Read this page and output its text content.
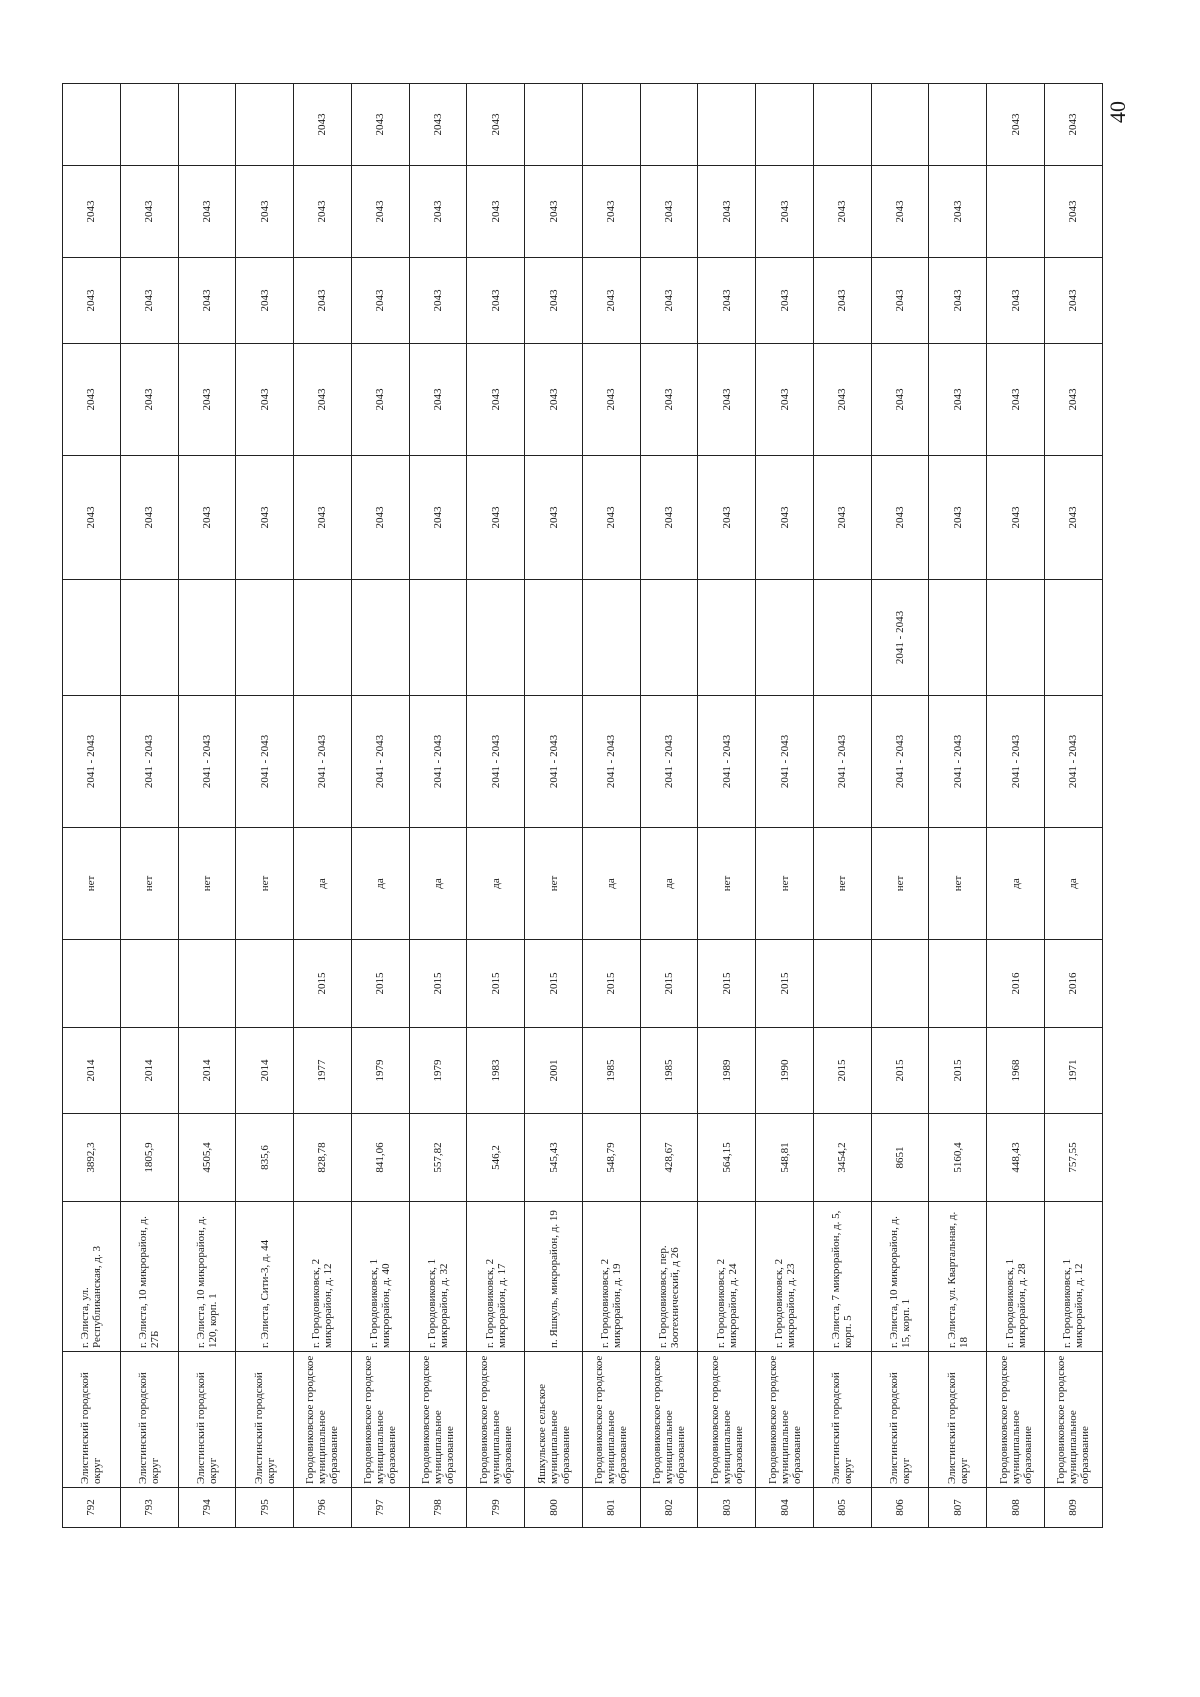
792	Элистинский городской округ	г. Элиста, ул. Республиканская, д. 3	3892,3	2014		нет	2041 - 2043		2043	2043	2043	2043	
793	Элистинский городской округ	г. Элиста, 10 микрорайон, д. 27Б	1805,9	2014		нет	2041 - 2043		2043	2043	2043	2043	
794	Элистинский городской округ	г. Элиста, 10 микрорайон, д. 120, корп. 1	4505,4	2014		нет	2041 - 2043		2043	2043	2043	2043	
795	Элистинский городской округ	г. Элиста, Сити-3, д. 44	835,6	2014		нет	2041 - 2043		2043	2043	2043	2043	
796	Городовиковское городское муниципальное образование	г. Городовиковск, 2 микрорайон, д. 12	828,78	1977	2015	да	2041 - 2043		2043	2043	2043	2043	2043
797	Городовиковское городское муниципальное образование	г. Городовиковск, 1 микрорайон, д. 40	841,06	1979	2015	да	2041 - 2043		2043	2043	2043	2043	2043
798	Городовиковское городское муниципальное образование	г. Городовиковск, 1 микрорайон, д. 32	557,82	1979	2015	да	2041 - 2043		2043	2043	2043	2043	2043
799	Городовиковское городское муниципальное образование	г. Городовиковск, 2 микрорайон, д. 17	546,2	1983	2015	да	2041 - 2043		2043	2043	2043	2043	2043
800	Яшкульское сельское муниципальное образование	п. Яшкуль, микрорайон, д. 19	545,43	2001	2015	нет	2041 - 2043		2043	2043	2043	2043	
801	Городовиковское городское муниципальное образование	г. Городовиковск, 2 микрорайон, д. 19	548,79	1985	2015	да	2041 - 2043		2043	2043	2043	2043	
802	Городовиковское городское муниципальное образование	г. Городовиковск, пер. Зоотехнический, д 26	428,67	1985	2015	да	2041 - 2043		2043	2043	2043	2043	
803	Городовиковское городское муниципальное образование	г. Городовиковск, 2 микрорайон, д. 24	564,15	1989	2015	нет	2041 - 2043		2043	2043	2043	2043	
804	Городовиковское городское муниципальное образование	г. Городовиковск, 2 микрорайон, д. 23	548,81	1990	2015	нет	2041 - 2043		2043	2043	2043	2043	
805	Элистинский городской округ	г. Элиста, 7 микрорайон, д. 5, корп. 5	3454,2	2015		нет	2041 - 2043		2043	2043	2043	2043	
806	Элистинский городской округ	г. Элиста, 10 микрорайон, д. 15, корп. 1	8651	2015		нет	2041 - 2043	2041 - 2043	2043	2043	2043	2043	
807	Элистинский городской округ	г. Элиста, ул. Квартальная, д. 18	5160,4	2015		нет	2041 - 2043		2043	2043	2043	2043	
808	Городовиковское городское муниципальное образование	г. Городовиковск, 1 микрорайон, д. 28	448,43	1968	2016	да	2041 - 2043		2043	2043	2043		2043
809	Городовиковское городское муниципальное образование	г. Городовиковск, 1 микрорайон, д. 12	757,55	1971	2016	да	2041 - 2043		2043	2043	2043	2043	2043
40
